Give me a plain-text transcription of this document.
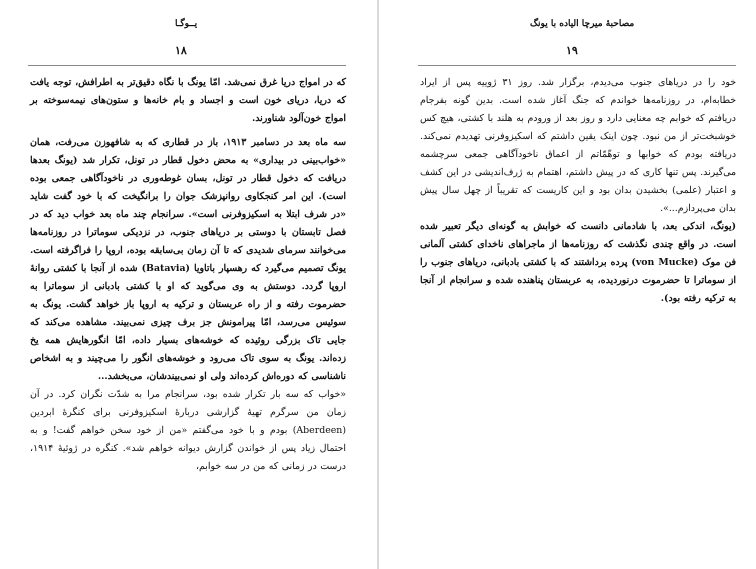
یــوگـا
۱۸
مصاحبهٔ میرچا الیاده با یونگ
۱۹

که در امواج دریا غرق نمی‌شد. امّا یونگ با نگاه دقیق‌تر به اطرافش، توجه یافت که دریا، دریای خون است و اجساد و بام خانه‌ها و ستون‌های نیمه‌سوخته بر امواج خون‌آلود شناورند.

سه ماه بعد در دسامبر ۱۹۱۳، باز در قطاری که به شافهوزن می‌رفت، همان «خواب‌بینی در بیداری» به محض دخول قطار در تونل، تکرار شد (یونگ بعدها دریافت که دخول قطار در تونل، بسان غوطه‌وری در ناخودآگاهی جمعی بوده است). این امر کنجکاوی روانپزشک جوان را برانگیخت که با خود گفت شاید «در شرف ابتلا به اسکیزوفرنی است». سرانجام چند ماه بعد خواب دید که در فصل تابستان با دوستی بر دریاهای جنوب، در نزدیکی سوماترا در روزنامه‌ها می‌خوانند سرمای شدیدی که تا آن زمان بی‌سابقه بوده، اروپا را فراگرفته است. یونگ تصمیم می‌گیرد که رهسپار باتاویا (Batavia) شده از آنجا با کشتی روانهٔ اروپا گردد. دوستش به وی می‌گوید که او با کشتی بادبانی از سوماترا به حضرموت رفته و از راه عربستان و ترکیه به اروپا باز خواهد گشت. یونگ به سوئیس می‌رسد، امّا پیرامونش جز برف چیزی نمی‌بیند. مشاهده می‌کند که جایی تاک بزرگی روئیده که خوشه‌های بسیار داده، امّا انگورهایش همه یخ زده‌اند. یونگ به سوی تاک می‌رود و خوشه‌های انگور را می‌چیند و به اشخاص ناشناسی که دوره‌اش کرده‌اند ولی او نمی‌بیندشان، می‌بخشد...

«خواب که سه بار تکرار شده بود، سرانجام مرا به شدّت نگران کرد. در آن زمان من سرگرم تهیهٔ گزارشی دربارهٔ اسکیزوفرنی برای کنگرهٔ ابردین (Aberdeen) بودم و با خود می‌گفتم «من از خود سخن خواهم گفت! و به احتمال زیاد پس از خواندن گزارش دیوانه خواهم شد». کنگره در ژوئیهٔ ۱۹۱۴، درست در زمانی که من در سه خوابم،

خود را در دریاهای جنوب می‌دیدم، برگزار شد. روز ۳۱ ژوییه پس از ایراد خطابه‌ام، در روزنامه‌ها خواندم که جنگ آغاز شده است. بدین گونه بفرجام دریافتم که خوابم چه معنایی دارد و روز بعد از ورودم به هلند با کشتی، هیچ کس خوشبخت‌تر از من نبود. چون اینک یقین داشتم که اسکیزوفرنی تهدیدم نمی‌کند. دریافته بودم که خوابها و توهّمّاتم از اعماق ناخودآگاهی جمعی سرچشمه می‌گیرند. پس تنها کاری که در پیش داشتم، اهتمام به ژرف‌اندیشی در این کشف و اعتبار (علمی) بخشیدن بدان بود و این کاریست که تقریباً از چهل سال پیش بدان می‌پردازم...».

(یونگ، اندکی بعد، با شادمانی دانست که خوابش به گونه‌ای دیگر تعبیر شده است. در واقع چندی نگذشت که روزنامه‌ها از ماجراهای ناخدای کشتی آلمانی فن موک (von Mucke) پرده برداشتند که با کشتی بادبانی، دریاهای جنوب را از سوماترا تا حضرموت درنوردیده، به عربستان پناهنده شده و سرانجام از آنجا به ترکیه رفته بود).
